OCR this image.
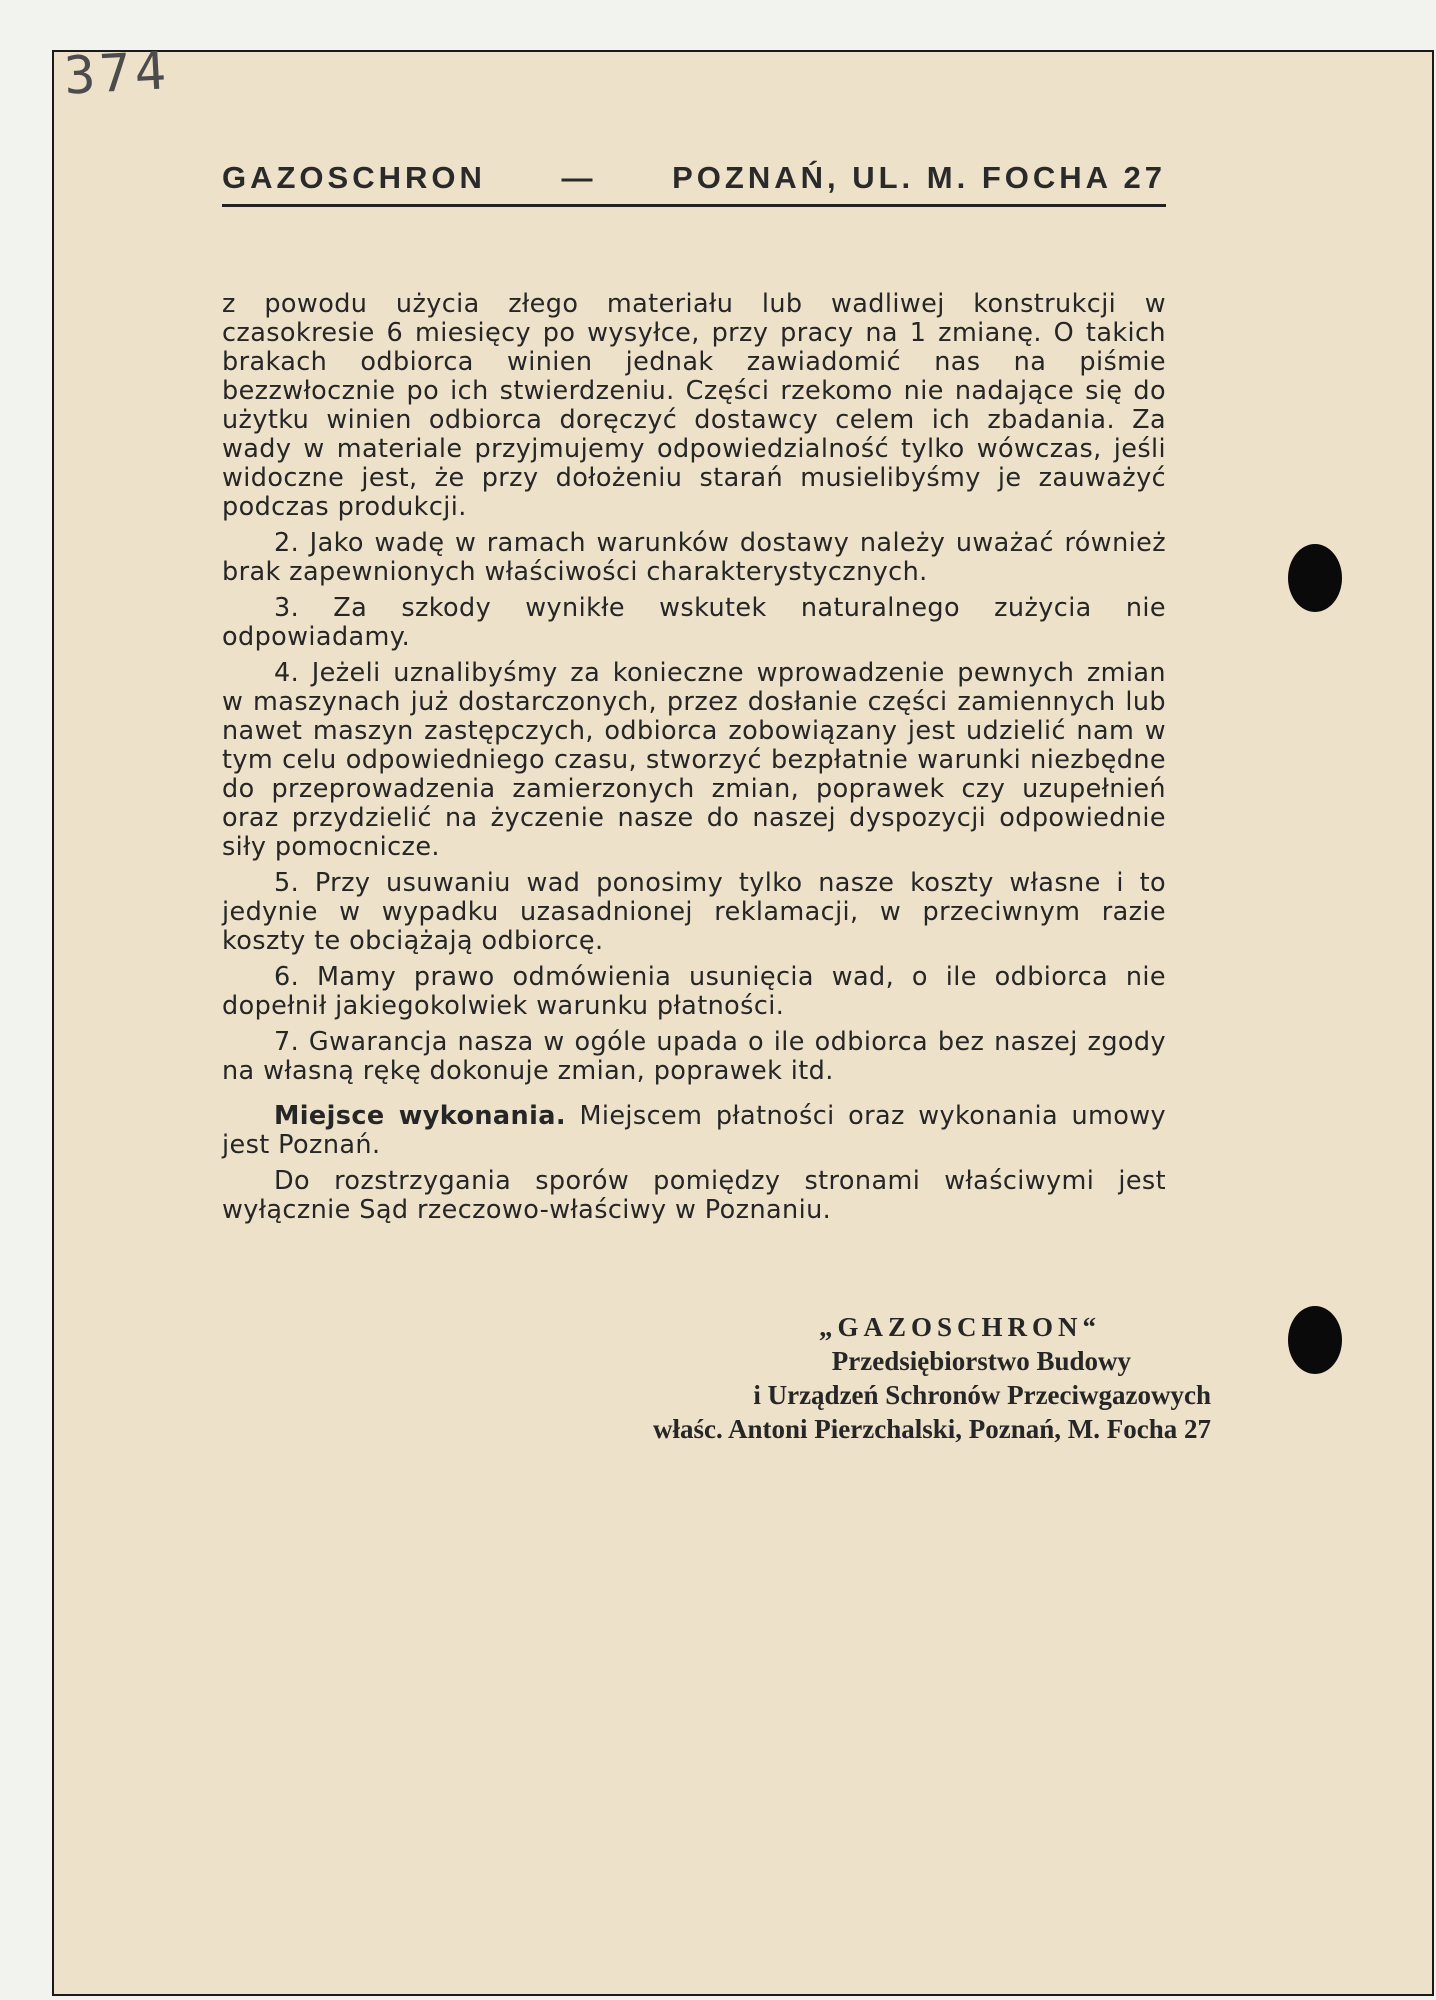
374
GAZOSCHRON — POZNAŃ, UL. M. FOCHA 27

z powodu użycia złego materiału lub wadliwej konstrukcji w czasokresie 6 miesięcy po wysyłce, przy pracy na 1 zmianę. O takich brakach odbiorca winien jednak zawiadomić nas na piśmie bezzwłocznie po ich stwierdzeniu. Części rzekomo nie nadające się do użytku winien odbiorca doręczyć dostawcy celem ich zbadania. Za wady w materiale przyjmujemy odpowiedzialność tylko wówczas, jeśli widoczne jest, że przy dołożeniu starań musielibyśmy je zauważyć podczas produkcji.

2. Jako wadę w ramach warunków dostawy należy uważać również brak zapewnionych właściwości charakterystycznych.

3. Za szkody wynikłe wskutek naturalnego zużycia nie odpowiadamy.

4. Jeżeli uznalibyśmy za konieczne wprowadzenie pewnych zmian w maszynach już dostarczonych, przez dosłanie części zamiennych lub nawet maszyn zastępczych, odbiorca zobowiązany jest udzielić nam w tym celu odpowiedniego czasu, stworzyć bezpłatnie warunki niezbędne do przeprowadzenia zamierzonych zmian, poprawek czy uzupełnień oraz przydzielić na życzenie nasze do naszej dyspozycji odpowiednie siły pomocnicze.

5. Przy usuwaniu wad ponosimy tylko nasze koszty własne i to jedynie w wypadku uzasadnionej reklamacji, w przeciwnym razie koszty te obciążają odbiorcę.

6. Mamy prawo odmówienia usunięcia wad, o ile odbiorca nie dopełnił jakiegokolwiek warunku płatności.

7. Gwarancja nasza w ogóle upada o ile odbiorca bez naszej zgody na własną rękę dokonuje zmian, poprawek itd.

Miejsce wykonania. Miejscem płatności oraz wykonania umowy jest Poznań.

Do rozstrzygania sporów pomiędzy stronami właściwymi jest wyłącznie Sąd rzeczowo-właściwy w Poznaniu.

„GAZOSCHRON“
Przedsiębiorstwo Budowy
i Urządzeń Schronów Przeciwgazowych
właśc. Antoni Pierzchalski, Poznań, M. Focha 27
